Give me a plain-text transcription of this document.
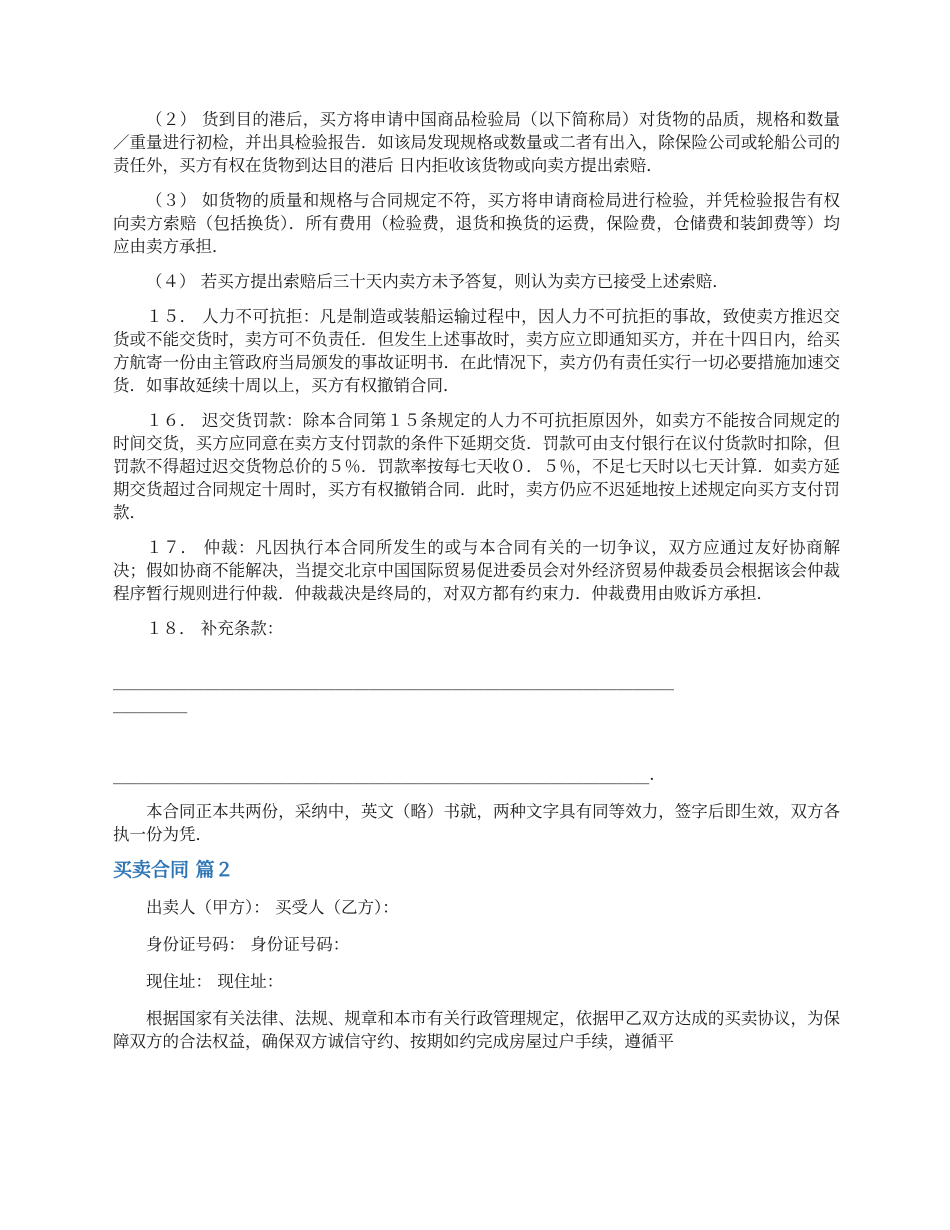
（２） 货到目的港后，买方将申请中国商品检验局（以下简称局）对货物的品质，规格和数量／重量进行初检，并出具检验报告．如该局发现规格或数量或二者有出入，除保险公司或轮船公司的责任外，买方有权在货物到达目的港后 日内拒收该货物或向卖方提出索赔．

（３） 如货物的质量和规格与合同规定不符，买方将申请商检局进行检验，并凭检验报告有权向卖方索赔（包括换货）．所有费用（检验费，退货和换货的运费，保险费，仓储费和装卸费等）均应由卖方承担．

（４） 若买方提出索赔后三十天内卖方未予答复，则认为卖方已接受上述索赔．

１５． 人力不可抗拒：凡是制造或装船运输过程中，因人力不可抗拒的事故，致使卖方推迟交货或不能交货时，卖方可不负责任．但发生上述事故时，卖方应立即通知买方，并在十四日内，给买方航寄一份由主管政府当局颁发的事故证明书．在此情况下，卖方仍有责任实行一切必要措施加速交货．如事故延续十周以上，买方有权撤销合同．

１６． 迟交货罚款：除本合同第１５条规定的人力不可抗拒原因外，如卖方不能按合同规定的时间交货，买方应同意在卖方支付罚款的条件下延期交货．罚款可由支付银行在议付货款时扣除，但罚款不得超过迟交货物总价的５％．罚款率按每七天收０．５％，不足七天时以七天计算．如卖方延期交货超过合同规定十周时，买方有权撤销合同．此时，卖方仍应不迟延地按上述规定向买方支付罚款．

１７． 仲裁：凡因执行本合同所发生的或与本合同有关的一切争议，双方应通过友好协商解决；假如协商不能解决，当提交北京中国国际贸易促进委员会对外经济贸易仲裁委员会根据该会仲裁程序暂行规则进行仲裁．仲裁裁决是终局的，对双方都有约束力．仲裁费用由败诉方承担．

１８． 补充条款：

____________________________________________________________________

_________

_________________________________________________________________.

本合同正本共两份，采纳中，英文（略）书就，两种文字具有同等效力，签字后即生效，双方各执一份为凭．

买卖合同 篇２

出卖人（甲方）： 买受人（乙方）：

身份证号码： 身份证号码：

现住址： 现住址：

根据国家有关法律、法规、规章和本市有关行政管理规定，依据甲乙双方达成的买卖协议，为保障双方的合法权益，确保双方诚信守约、按期如约完成房屋过户手续，遵循平
